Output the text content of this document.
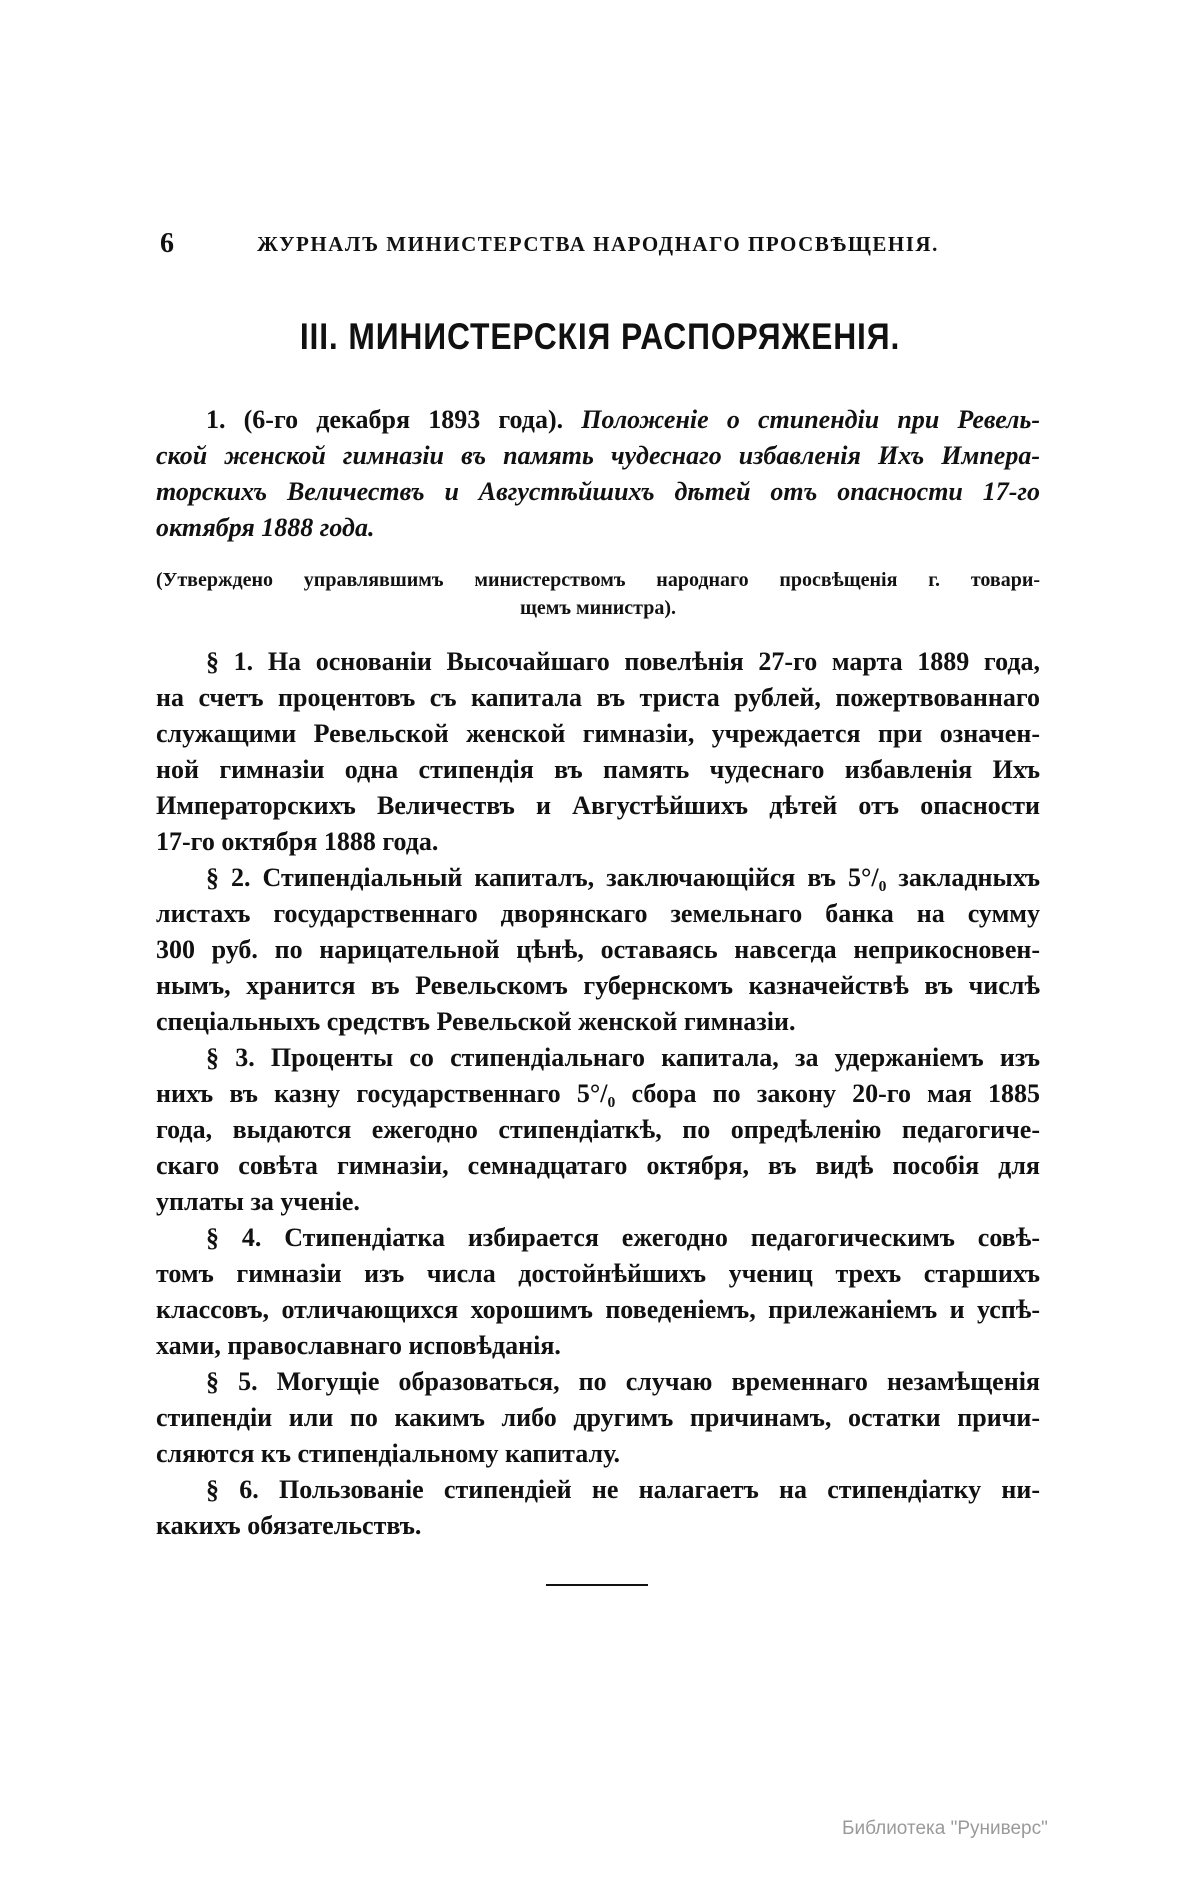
6	ЖУРНАЛЪ МИНИСТЕРСТВА НАРОДНАГО ПРОСВѢЩЕНІЯ.
III. МИНИСТЕРСКІЯ РАСПОРЯЖЕНІЯ.
1. (6-го декабря 1893 года). Положеніе о стипендіи при Ревель-
ской женской гимназіи въ память чудеснаго избавленія Ихъ Импера-
торскихъ Величествъ и Августѣйшихъ дѣтей отъ опасности 17-го
октября 1888 года.
(Утверждено управлявшимъ министерствомъ народнаго просвѣщенія г. товари-
щемъ министра).
§ 1. На основаніи Высочайшаго повелѣнія 27-го марта 1889 года,
на счетъ процентовъ съ капитала въ триста рублей, пожертвованнаго
служащими Ревельской женской гимназіи, учреждается при означен-
ной гимназіи одна стипендія въ память чудеснаго избавленія Ихъ
Императорскихъ Величествъ и Августѣйшихъ дѣтей отъ опасности
17-го октября 1888 года.
§ 2. Стипендіальный капиталъ, заключающійся въ 5°/₀ закладныхъ
листахъ государственнаго дворянскаго земельнаго банка на сумму
300 руб. по нарицательной цѣнѣ, оставаясь навсегда неприкосновен-
нымъ, хранится въ Ревельскомъ губернскомъ казначействѣ въ числѣ
спеціальныхъ средствъ Ревельской женской гимназіи.
§ 3. Проценты со стипендіальнаго капитала, за удержаніемъ изъ
нихъ въ казну государственнаго 5°/₀ сбора по закону 20-го мая 1885
года, выдаются ежегодно стипендіаткѣ, по опредѣленію педагогиче-
скаго совѣта гимназіи, семнадцатаго октября, въ видѣ пособія для
уплаты за ученіе.
§ 4. Стипендіатка избирается ежегодно педагогическимъ совѣ-
томъ гимназіи изъ числа достойнѣйшихъ учениц трехъ старшихъ
классовъ, отличающихся хорошимъ поведеніемъ, прилежаніемъ и успѣ-
хами, православнаго исповѣданія.
§ 5. Могущіе образоваться, по случаю временнаго незамѣщенія
стипендіи или по какимъ либо другимъ причинамъ, остатки причи-
сляются къ стипендіальному капиталу.
§ 6. Пользованіе стипендіей не налагаетъ на стипендіатку ни-
какихъ обязательствъ.
Библиотека "Руниверс"
